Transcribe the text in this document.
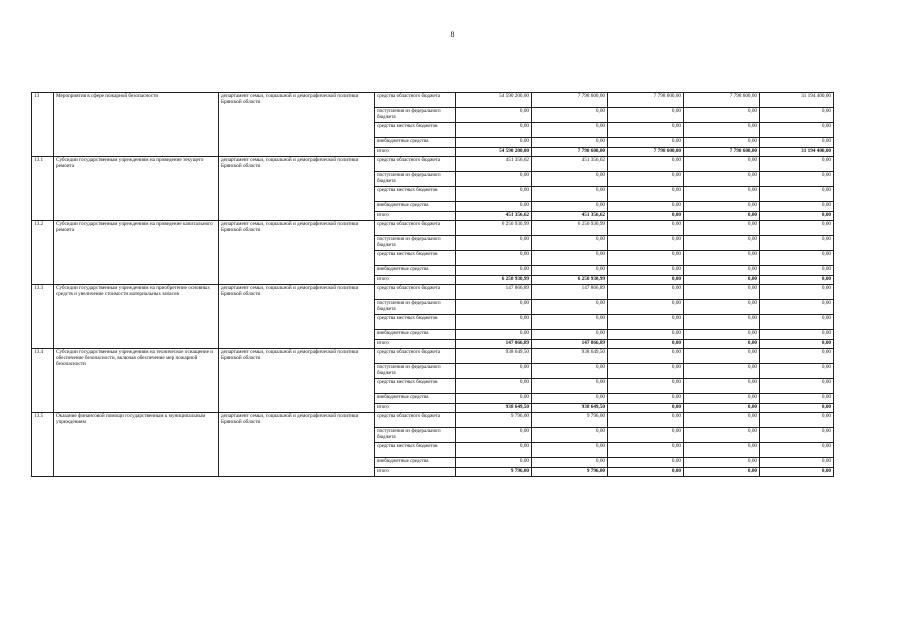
8
13	Мероприятия в сфере пожарной безопасности	департамент семьи, социальной и демографической политики Брянской области	средства областного бюджета	54 590 200,00	7 798 600,00	7 798 600,00	7 798 600,00	31 194 400,00
			поступления из федерального бюджета	0,00	0,00	0,00	0,00	0,00
			средства местных бюджетов	0,00	0,00	0,00	0,00	0,00
			внебюджетные средства	0,00	0,00	0,00	0,00	0,00
			итого	54 590 200,00	7 798 600,00	7 798 600,00	7 798 600,00	31 194 400,00
13.1	Субсидии государственным учреждениям на проведение текущего ремонта	департамент семьи, социальной и демографической политики Брянской области	средства областного бюджета	451 356,62	451 356,62	0,00	0,00	0,00
			поступления из федерального бюджета	0,00	0,00	0,00	0,00	0,00
			средства местных бюджетов	0,00	0,00	0,00	0,00	0,00
			внебюджетные средства	0,00	0,00	0,00	0,00	0,00
			итого	451 356,62	451 356,62	0,00	0,00	0,00
13.2	Субсидии государственным учреждениям на проведение капитального ремонта	департамент семьи, социальной и демографической политики Брянской области	средства областного бюджета	6 250 930,99	6 250 930,99	0,00	0,00	0,00
			поступления из федерального бюджета	0,00	0,00	0,00	0,00	0,00
			средства местных бюджетов	0,00	0,00	0,00	0,00	0,00
			внебюджетные средства	0,00	0,00	0,00	0,00	0,00
			итого	6 250 930,99	6 250 930,99	0,00	0,00	0,00
13.3	Субсидии государственным учреждениям на приобретение основных средств и увеличение стоимости материальных запасов	департамент семьи, социальной и демографической политики Брянской области	средства областного бюджета	147 866,89	147 866,89	0,00	0,00	0,00
			поступления из федерального бюджета	0,00	0,00	0,00	0,00	0,00
			средства местных бюджетов	0,00	0,00	0,00	0,00	0,00
			внебюджетные средства	0,00	0,00	0,00	0,00	0,00
			итого	147 866,89	147 866,89	0,00	0,00	0,00
13.4	Субсидии государственным учреждениям на техническое оснащение и обеспечение безопасности, включая обеспечение мер пожарной безопасности	департамент семьи, социальной и демографической политики Брянской области	средства областного бюджета	938 649,50	938 649,50	0,00	0,00	0,00
			поступления из федерального бюджета	0,00	0,00	0,00	0,00	0,00
			средства местных бюджетов	0,00	0,00	0,00	0,00	0,00
			внебюджетные средства	0,00	0,00	0,00	0,00	0,00
			итого	938 649,50	938 649,50	0,00	0,00	0,00
13.5	Оказание финансовой помощи государственным к муниципальным учреждениям	департамент семьи, социальной и демографической политики Брянской области	средства областного бюджета	9 796,00	9 796,00	0,00	0,00	0,00
			поступления из федерального бюджета	0,00	0,00	0,00	0,00	0,00
			средства местных бюджетов	0,00	0,00	0,00	0,00	0,00
			внебюджетные средства	0,00	0,00	0,00	0,00	0,00
			итого	9 796,00	9 796,00	0,00	0,00	0,00
